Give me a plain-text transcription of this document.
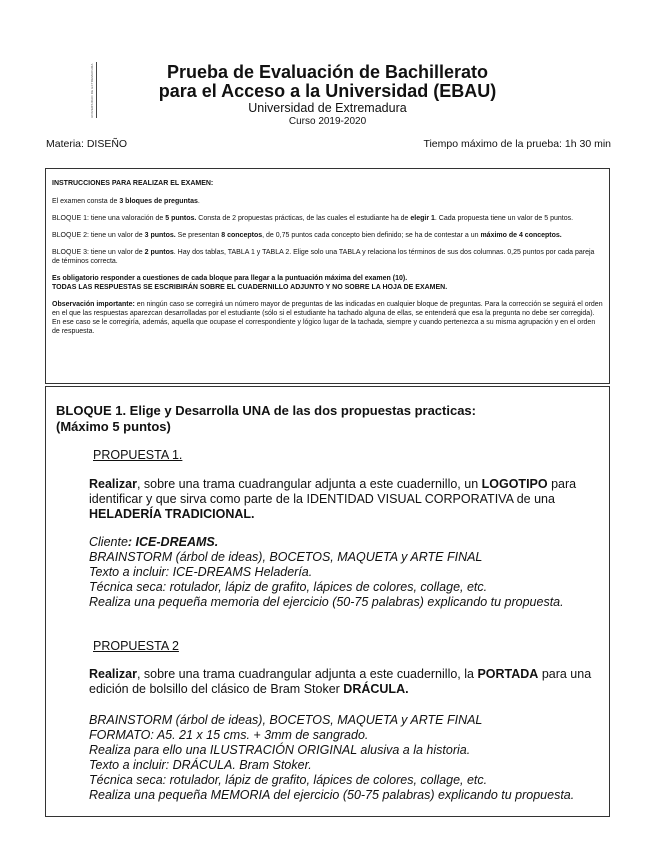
UNIVERSIDAD DE EXTREMADURA	Prueba de Evaluación de Bachillerato
para el Acceso a la Universidad (EBAU)
Universidad de Extremadura
Curso 2019-2020
Materia: DISEÑO	Tiempo máximo de la prueba: 1h 30 min

INSTRUCCIONES PARA REALIZAR EL EXAMEN:

El examen consta de 3 bloques de preguntas.

BLOQUE 1: tiene una valoración de 5 puntos. Consta de 2 propuestas prácticas, de las cuales el estudiante ha de elegir 1. Cada propuesta tiene un valor de 5 puntos.

BLOQUE 2: tiene un valor de 3 puntos. Se presentan 8 conceptos, de 0,75 puntos cada concepto bien definido; se ha de contestar a un máximo de 4 conceptos.

BLOQUE 3: tiene un valor de 2 puntos. Hay dos tablas, TABLA 1 y TABLA 2. Elige solo una TABLA y relaciona los términos de sus dos columnas. 0,25 puntos por cada pareja de términos correcta.

Es obligatorio responder a cuestiones de cada bloque para llegar a la puntuación máxima del examen (10).
TODAS LAS RESPUESTAS SE ESCRIBIRÁN SOBRE EL CUADERNILLO ADJUNTO Y NO SOBRE LA HOJA DE EXAMEN.

Observación importante: en ningún caso se corregirá un número mayor de preguntas de las indicadas en cualquier bloque de preguntas. Para la corrección se seguirá el orden en el que las respuestas aparezcan desarrolladas por el estudiante (sólo si el estudiante ha tachado alguna de ellas, se entenderá que esa la pregunta no debe ser corregida). En ese caso se le corregiría, además, aquella que ocupase el correspondiente y lógico lugar de la tachada, siempre y cuando pertenezca a su misma agrupación y en el orden de respuesta.

BLOQUE 1. Elige y Desarrolla UNA de las dos propuestas practicas:
(Máximo 5 puntos)
PROPUESTA 1.
Realizar, sobre una trama cuadrangular adjunta a este cuadernillo, un LOGOTIPO para
identificar y que sirva como parte de la IDENTIDAD VISUAL CORPORATIVA de una
HELADERÍA TRADICIONAL.
Cliente: ICE-DREAMS.
BRAINSTORM (árbol de ideas), BOCETOS, MAQUETA y ARTE FINAL
Texto a incluir: ICE-DREAMS Heladería.
Técnica seca: rotulador, lápiz de grafito, lápices de colores, collage, etc.
Realiza una pequeña memoria del ejercicio (50-75 palabras) explicando tu propuesta.
PROPUESTA 2
Realizar, sobre una trama cuadrangular adjunta a este cuadernillo, la PORTADA para una
edición de bolsillo del clásico de Bram Stoker DRÁCULA.
BRAINSTORM (árbol de ideas), BOCETOS, MAQUETA y ARTE FINAL
FORMATO: A5. 21 x 15 cms. + 3mm de sangrado.
Realiza para ello una ILUSTRACIÓN ORIGINAL alusiva a la historia.
Texto a incluir: DRÁCULA. Bram Stoker.
Técnica seca: rotulador, lápiz de grafito, lápices de colores, collage, etc.
Realiza una pequeña MEMORIA del ejercicio (50-75 palabras) explicando tu propuesta.
